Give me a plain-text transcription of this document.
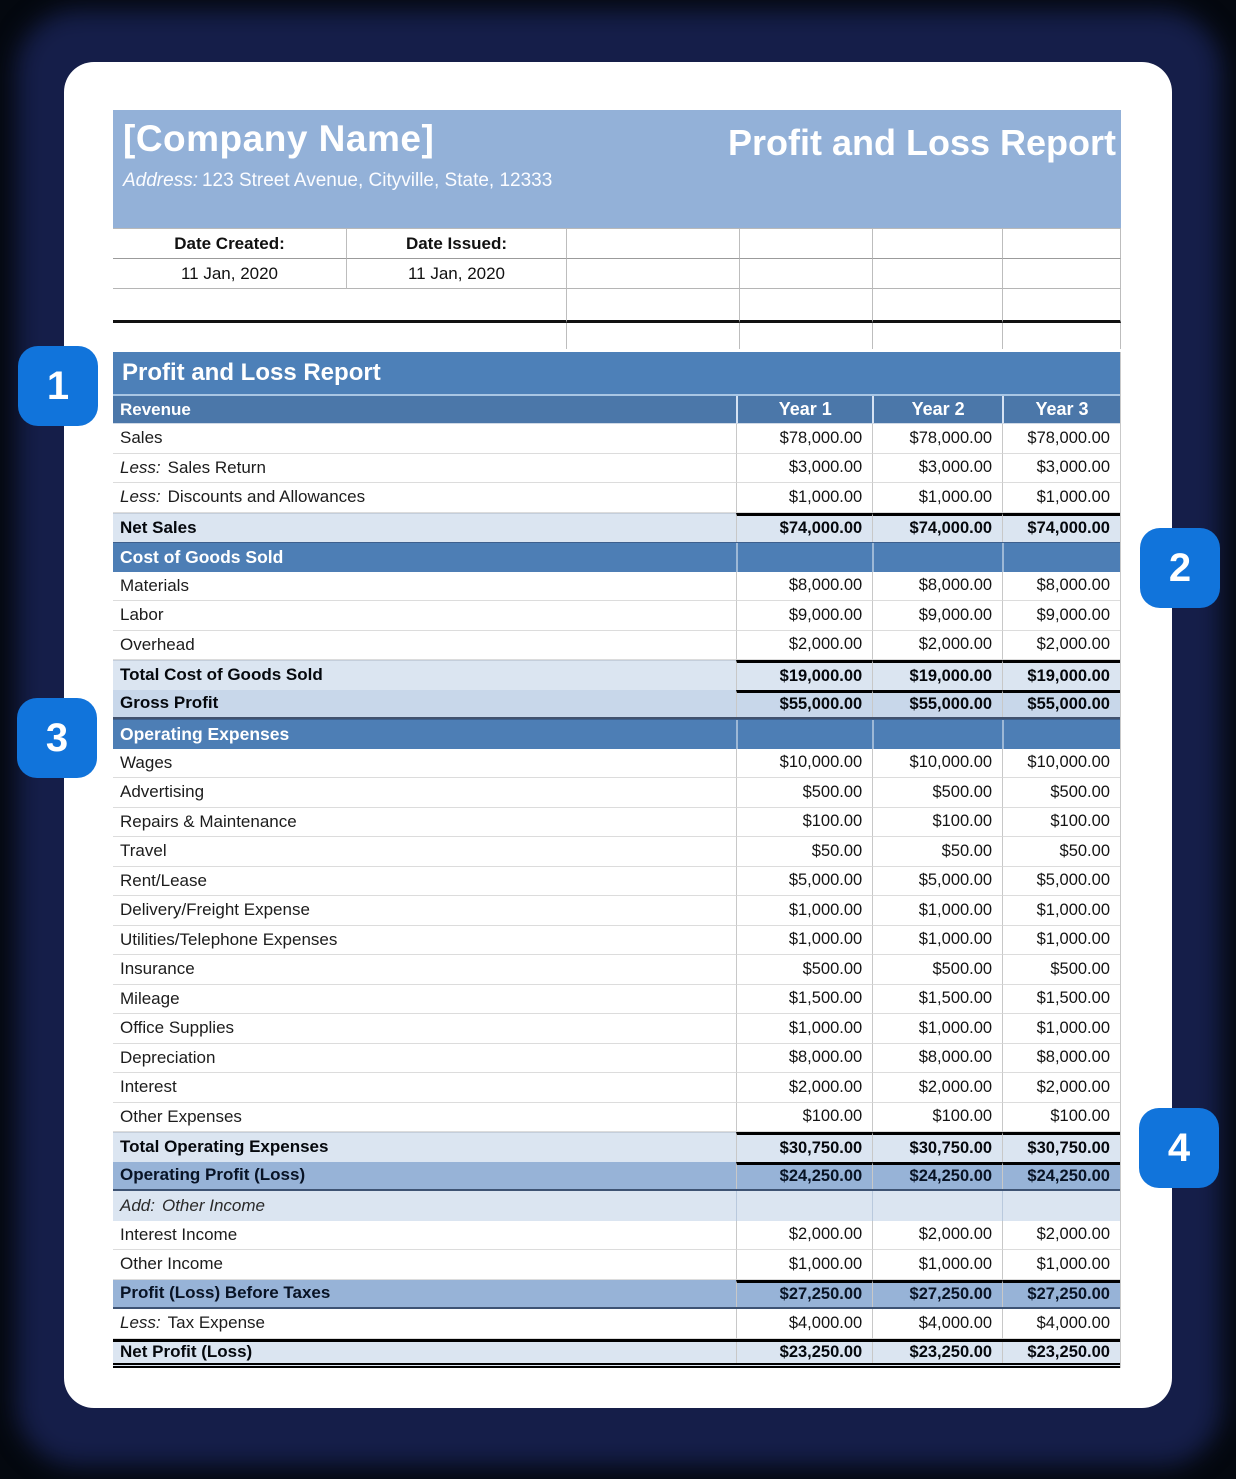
[Company Name]
Address: 123 Street Avenue, Cityville, State, 12333
Profit and Loss Report
Date Created:	Date Issued:
11 Jan, 2020	11 Jan, 2020
Profit and Loss Report
Revenue	Year 1	Year 2	Year 3
Sales	$78,000.00	$78,000.00	$78,000.00
Less: Sales Return	$3,000.00	$3,000.00	$3,000.00
Less: Discounts and Allowances	$1,000.00	$1,000.00	$1,000.00
Net Sales	$74,000.00	$74,000.00	$74,000.00
Cost of Goods Sold
Materials	$8,000.00	$8,000.00	$8,000.00
Labor	$9,000.00	$9,000.00	$9,000.00
Overhead	$2,000.00	$2,000.00	$2,000.00
Total Cost of Goods Sold	$19,000.00	$19,000.00	$19,000.00
Gross Profit	$55,000.00	$55,000.00	$55,000.00
Operating Expenses
Wages	$10,000.00	$10,000.00	$10,000.00
Advertising	$500.00	$500.00	$500.00
Repairs & Maintenance	$100.00	$100.00	$100.00
Travel	$50.00	$50.00	$50.00
Rent/Lease	$5,000.00	$5,000.00	$5,000.00
Delivery/Freight Expense	$1,000.00	$1,000.00	$1,000.00
Utilities/Telephone Expenses	$1,000.00	$1,000.00	$1,000.00
Insurance	$500.00	$500.00	$500.00
Mileage	$1,500.00	$1,500.00	$1,500.00
Office Supplies	$1,000.00	$1,000.00	$1,000.00
Depreciation	$8,000.00	$8,000.00	$8,000.00
Interest	$2,000.00	$2,000.00	$2,000.00
Other Expenses	$100.00	$100.00	$100.00
Total Operating Expenses	$30,750.00	$30,750.00	$30,750.00
Operating Profit (Loss)	$24,250.00	$24,250.00	$24,250.00
Add: Other Income
Interest Income	$2,000.00	$2,000.00	$2,000.00
Other Income	$1,000.00	$1,000.00	$1,000.00
Profit (Loss) Before Taxes	$27,250.00	$27,250.00	$27,250.00
Less: Tax Expense	$4,000.00	$4,000.00	$4,000.00
Net Profit (Loss)	$23,250.00	$23,250.00	$23,250.00
1
2
3
4
